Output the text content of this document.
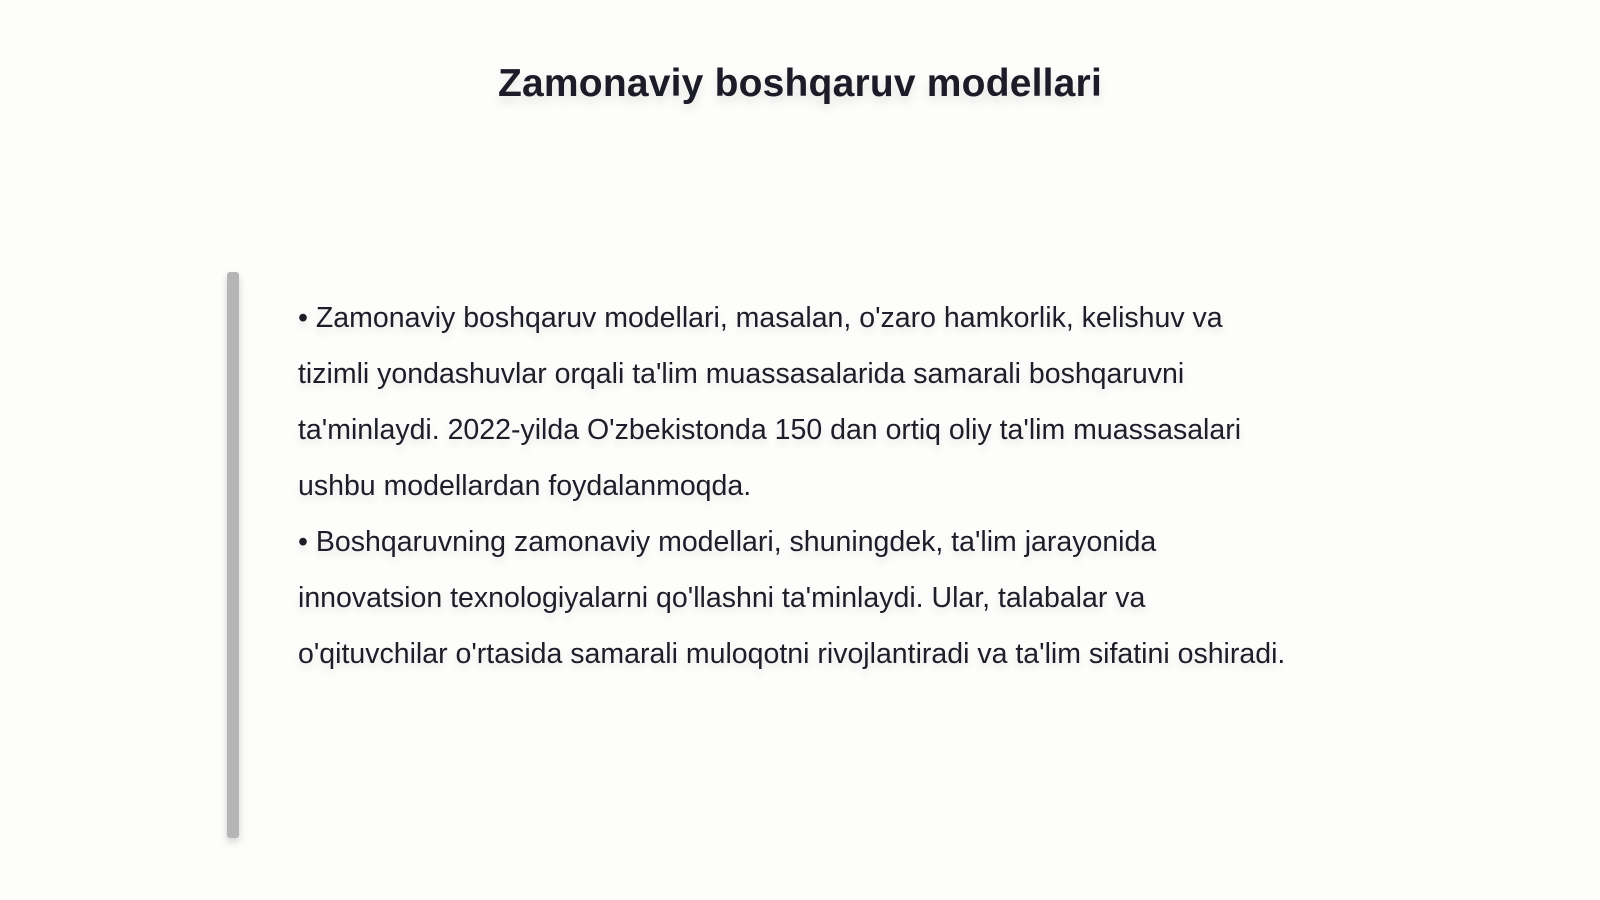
Zamonaviy boshqaruv modellari

• Zamonaviy boshqaruv modellari, masalan, o'zaro hamkorlik, kelishuv va tizimli yondashuvlar orqali ta'lim muassasalarida samarali boshqaruvni ta'minlaydi. 2022-yilda O'zbekistonda 150 dan ortiq oliy ta'lim muassasalari ushbu modellardan foydalanmoqda.

• Boshqaruvning zamonaviy modellari, shuningdek, ta'lim jarayonida innovatsion texnologiyalarni qo'llashni ta'minlaydi. Ular, talabalar va o'qituvchilar o'rtasida samarali muloqotni rivojlantiradi va ta'lim sifatini oshiradi.
